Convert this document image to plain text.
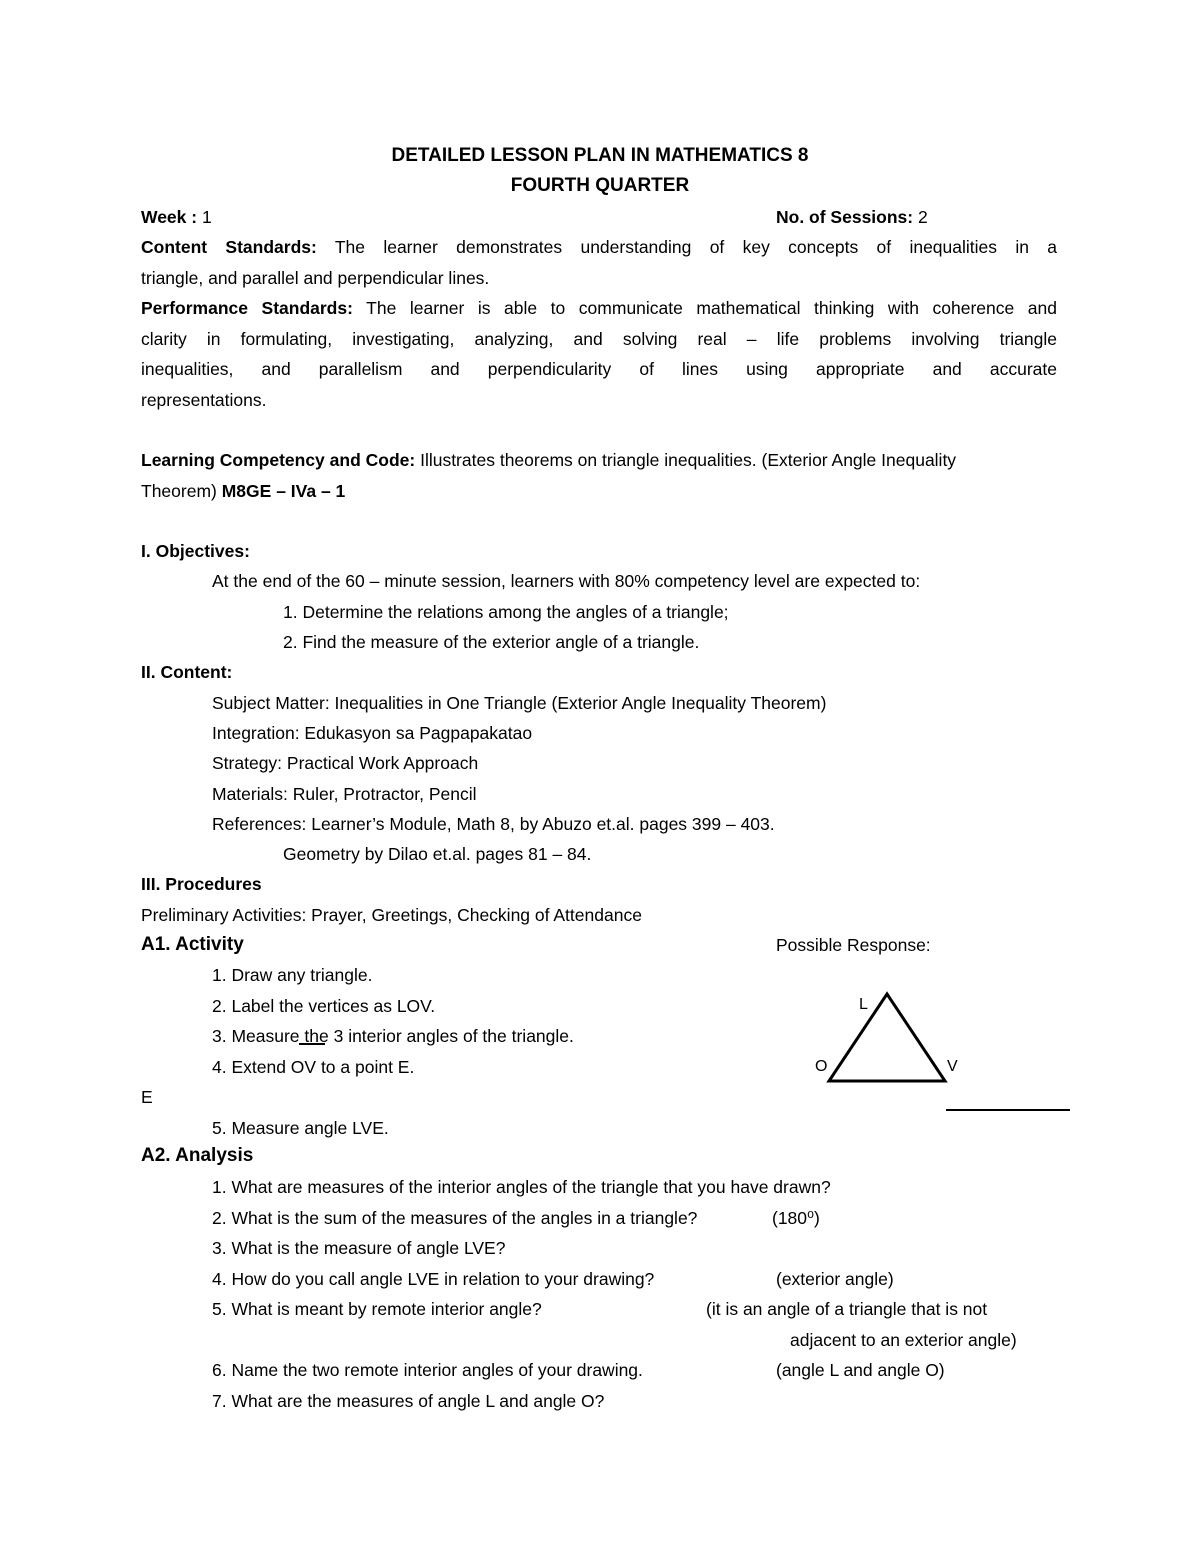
DETAILED LESSON PLAN IN MATHEMATICS 8
FOURTH QUARTER
Week : 1	No. of Sessions: 2
Content Standards: The learner demonstrates understanding of key concepts of inequalities in a
triangle, and parallel and perpendicular lines.
Performance Standards: The learner is able to communicate mathematical thinking with coherence and
clarity in formulating, investigating, analyzing, and solving real – life problems involving triangle
inequalities, and parallelism and perpendicularity of lines using appropriate and accurate
representations.
Learning Competency and Code: Illustrates theorems on triangle inequalities. (Exterior Angle Inequality
Theorem) M8GE – IVa – 1
I. Objectives:
At the end of the 60 – minute session, learners with 80% competency level are expected to:
1. Determine the relations among the angles of a triangle;
2. Find the measure of the exterior angle of a triangle.
II. Content:
Subject Matter: Inequalities in One Triangle (Exterior Angle Inequality Theorem)
Integration: Edukasyon sa Pagpapakatao
Strategy: Practical Work Approach
Materials: Ruler, Protractor, Pencil
References: Learner’s Module, Math 8, by Abuzo et.al. pages 399 – 403.
Geometry by Dilao et.al. pages 81 – 84.
III. Procedures
Preliminary Activities: Prayer, Greetings, Checking of Attendance
A1. Activity	Possible Response:
1. Draw any triangle.
2. Label the vertices as LOV.
3. Measure the 3 interior angles of the triangle.
4. Extend OV to a point E.
E
5. Measure angle LVE.
L
O	V
A2. Analysis
1. What are measures of the interior angles of the triangle that you have drawn?
2. What is the sum of the measures of the angles in a triangle?	(180⁰)
3. What is the measure of angle LVE?
4. How do you call angle LVE in relation to your drawing?	(exterior angle)
5. What is meant by remote interior angle?	(it is an angle of a triangle that is not
adjacent to an exterior angle)
6. Name the two remote interior angles of your drawing.	(angle L and angle O)
7. What are the measures of angle L and angle O?
